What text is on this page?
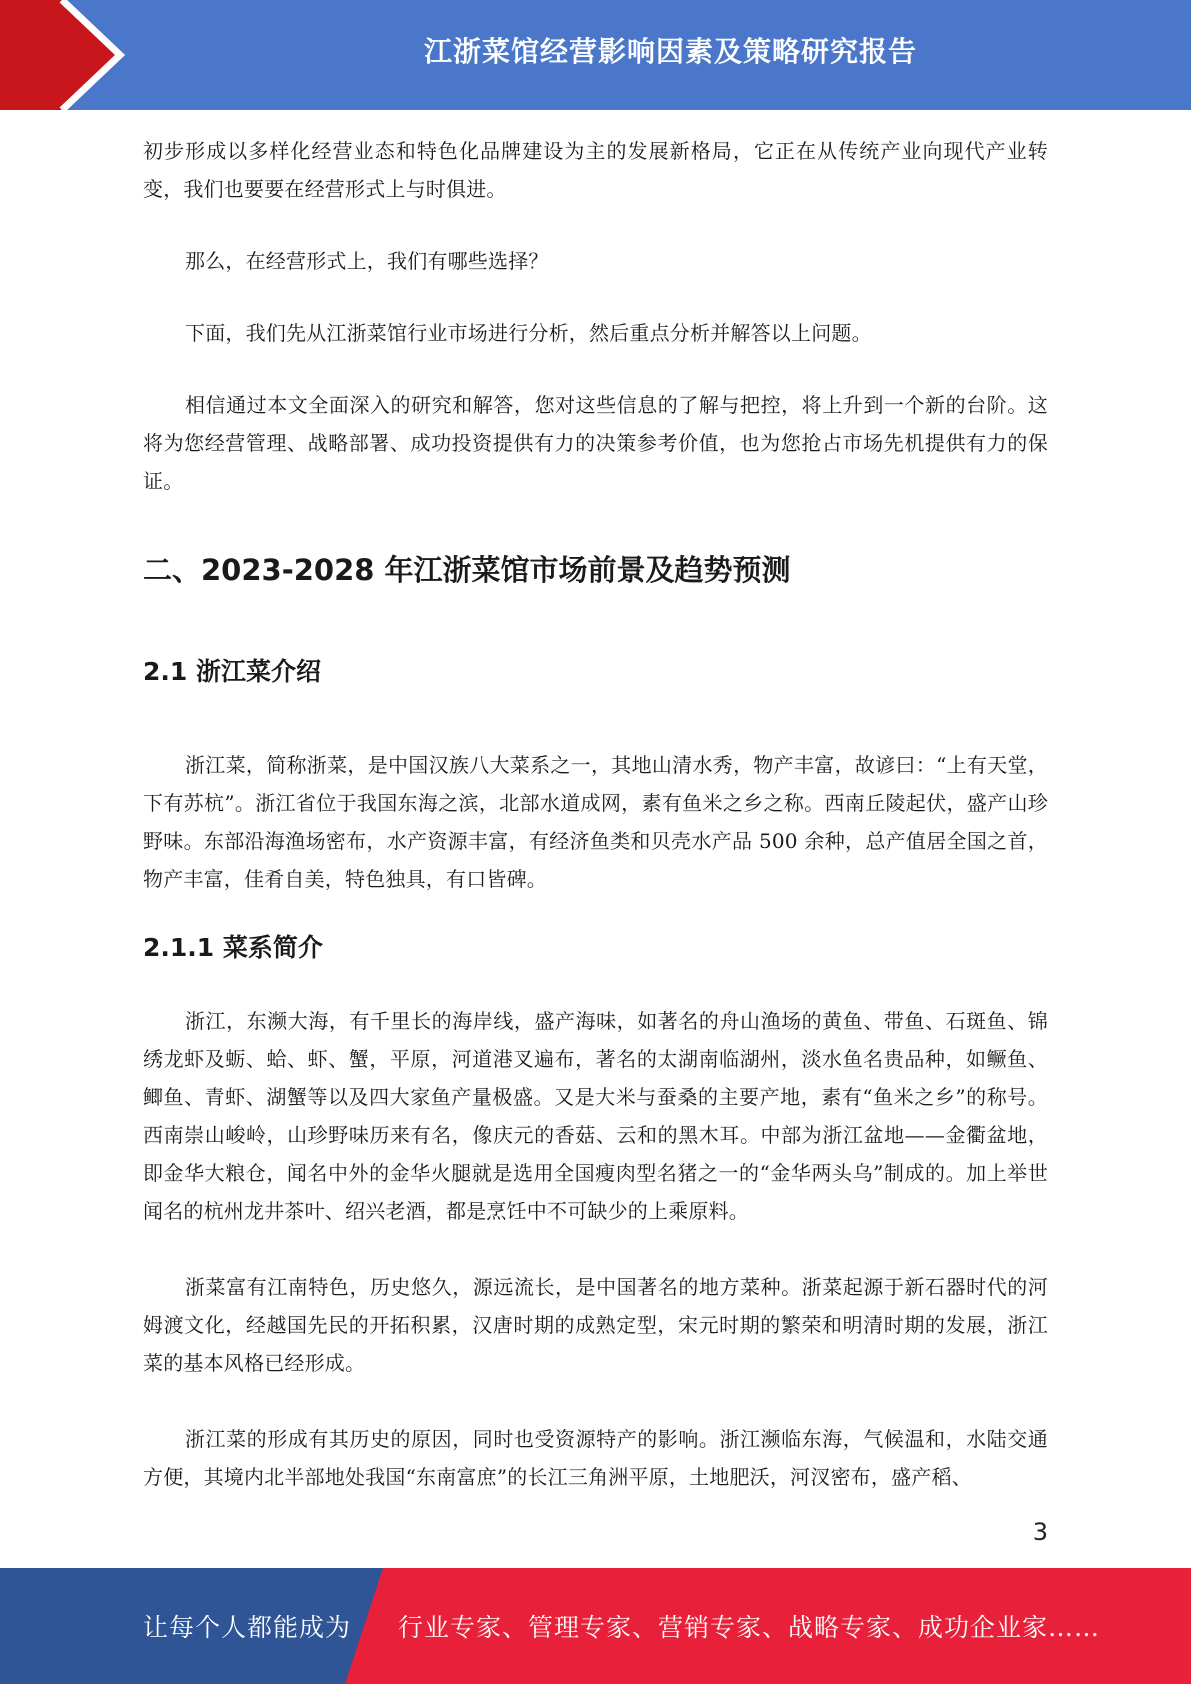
江浙菜馆经营影响因素及策略研究报告

初步形成以多样化经营业态和特色化品牌建设为主的发展新格局，它正在从传统产业向现代产业转变，我们也要要在经营形式上与时俱进。

那么，在经营形式上，我们有哪些选择？

下面，我们先从江浙菜馆行业市场进行分析，然后重点分析并解答以上问题。

相信通过本文全面深入的研究和解答，您对这些信息的了解与把控，将上升到一个新的台阶。这将为您经营管理、战略部署、成功投资提供有力的决策参考价值，也为您抢占市场先机提供有力的保证。

二、2023-2028 年江浙菜馆市场前景及趋势预测
2.1 浙江菜介绍

浙江菜，简称浙菜，是中国汉族八大菜系之一，其地山清水秀，物产丰富，故谚曰：“上有天堂，下有苏杭”。浙江省位于我国东海之滨，北部水道成网，素有鱼米之乡之称。西南丘陵起伏，盛产山珍野味。东部沿海渔场密布，水产资源丰富，有经济鱼类和贝壳水产品 500 余种，总产值居全国之首，物产丰富，佳肴自美，特色独具，有口皆碑。

2.1.1 菜系简介

浙江，东濒大海，有千里长的海岸线，盛产海味，如著名的舟山渔场的黄鱼、带鱼、石斑鱼、锦绣龙虾及蛎、蛤、虾、蟹，平原，河道港叉遍布，著名的太湖南临湖州，淡水鱼名贵品种，如鳜鱼、鲫鱼、青虾、湖蟹等以及四大家鱼产量极盛。又是大米与蚕桑的主要产地，素有“鱼米之乡”的称号。西南崇山峻岭，山珍野味历来有名，像庆元的香菇、云和的黑木耳。中部为浙江盆地——金衢盆地，即金华大粮仓，闻名中外的金华火腿就是选用全国瘦肉型名猪之一的“金华两头乌”制成的。加上举世闻名的杭州龙井茶叶、绍兴老酒，都是烹饪中不可缺少的上乘原料。

浙菜富有江南特色，历史悠久，源远流长，是中国著名的地方菜种。浙菜起源于新石器时代的河姆渡文化，经越国先民的开拓积累，汉唐时期的成熟定型，宋元时期的繁荣和明清时期的发展，浙江菜的基本风格已经形成。

浙江菜的形成有其历史的原因，同时也受资源特产的影响。浙江濒临东海，气候温和，水陆交通方便，其境内北半部地处我国“东南富庶”的长江三角洲平原，土地肥沃，河汊密布，盛产稻、

3
让每个人都能成为 行业专家、管理专家、营销专家、战略专家、成功企业家……
